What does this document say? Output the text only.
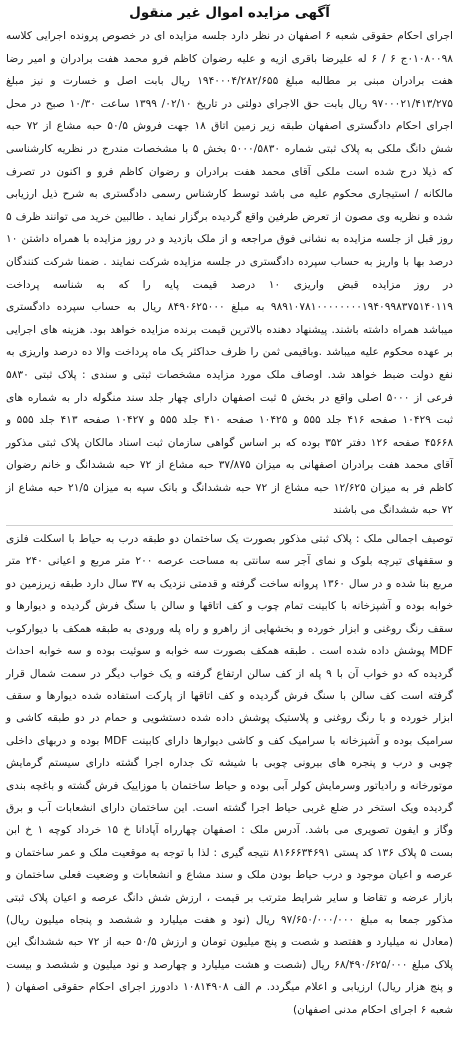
آگهی مزایده اموال غیر منقول

اجرای احکام حقوقی شعبه ۶ اصفهان در نظر دارد جلسه مزایده ای در خصوص پرونده اجرایی کلاسه ۰۱۰۸۰۰۹۸ج ۶ / ۶ له علیرضا باقری ازیه و علیه رضوان کاظم فرو محمد هفت برادران و امیر رضا هفت برادران مبنی بر مطالبه مبلغ ۱۹۴۰۰۰۴/۲۸۲/۶۵۵ ریال بابت اصل و خسارت و نیز مبلغ ۹۷۰۰۰۲۱/۴۱۳/۲۷۵ ریال بابت حق الاجرای دولتی در تاریخ ۰۲/۱۰/ ۱۳۹۹ ساعت ۱۰/۳۰ صبح در محل اجرای احکام دادگستری اصفهان طبقه زیر زمین اتاق ۱۸ جهت فروش ۵۰/۵ حبه مشاع از ۷۲ حبه شش دانگ ملکی به پلاک ثبتی شماره ۵۰۰۰/۵۸۳۰ بخش ۵ با مشخصات مندرج در نظریه کارشناسی که ذیلا درج شده است ملکی آقای محمد هفت برادران و رضوان کاظم فرو و اکنون در تصرف مالکانه / استیجاری محکوم علیه می باشد توسط کارشناس رسمی دادگستری به شرح ذیل ارزیابی شده و نظریه وی مصون از تعرض طرفین واقع گردیده برگزار نماید . طالبین خرید می توانند ظرف ۵ روز قبل از جلسه مزایده به نشانی فوق مراجعه و از ملک بازدید و در روز مزایده با همراه داشتن ۱۰ درصد بها با واریز به حساب سپرده دادگستری در جلسه مزایده شرکت نمایند . ضمنا شرکت کنندگان در روز مزایده قبض واریزی ۱۰ درصد قیمت پایه را که به شناسه پرداخت ۹۸۹۱۰۷۸۱۰۰۰۰۰۰۰۰۱۹۴۰۹۹۸۳۷۵۱۴۰۱۱۹ به مبلغ ۸۴۹۰۶۲۵۰۰۰ ریال به حساب سپرده دادگستری میباشد همراه داشته باشند. پیشنهاد دهنده بالاترین قیمت برنده مزایده خواهد بود. هزینه های اجرایی بر عهده محکوم علیه میباشد .وباقیمی ثمن را ظرف حداکثر یک ماه پرداخت والا ده درصد واریزی به نفع دولت ضبط خواهد شد. اوصاف ملک مورد مزایده مشخصات ثبتی و سندی : پلاک ثبتی ۵۸۳۰ فرعی از ۵۰۰۰ اصلی واقع در بخش ۵ ثبت اصفهان دارای چهار جلد سند منگوله دار به شماره های ثبت ۱۰۴۲۹ صفحه ۴۱۶ جلد ۵۵۵ و ۱۰۴۲۵ صفحه ۴۱۰ جلد ۵۵۵ و ۱۰۴۲۷ صفحه ۴۱۳ جلد ۵۵۵ و ۴۵۶۶۸ صفحه ۱۲۶ دفتر ۳۵۲ بوده که بر اساس گواهی سازمان ثبت اسناد مالکان پلاک ثبتی مذکور آقای محمد هفت برادران اصفهانی به میزان ۳۷/۸۷۵ حبه مشاع از ۷۲ حبه ششدانگ و خانم رضوان کاظم فر به میزان ۱۲/۶۲۵ حبه مشاع از ۷۲ حبه ششدانگ و بانک سپه به میزان ۲۱/۵ حبه مشاع از ۷۲ حبه ششدانگ می باشند

توصیف اجمالی ملک : پلاک ثبتی مذکور بصورت یک ساختمان دو طبقه درب به حیاط با اسکلت فلزی و سقفهای تیرچه بلوک و نمای آجر سه سانتی به مساحت عرصه ۲۰۰ متر مربع و اعیانی ۲۴۰ متر مربع بنا شده و در سال ۱۳۶۰ پروانه ساخت گرفته و قدمتی نزدیک به ۳۷ سال دارد طبقه زیرزمین دو خوابه بوده و آشپزخانه با کابینت تمام چوب و کف اتاقها و سالن با سنگ فرش گردیده و دیوارها و سقف رنگ روغنی و ابزار خورده و بخشهایی از راهرو و راه پله ورودی به طبقه همکف با دیوارکوب MDF پوشش داده شده است . طبقه همکف بصورت سه خوابه و سوئیت بوده و سه خوابه احداث گردیده که دو خواب آن با ۹ پله از کف سالن ارتفاع گرفته و یک خواب دیگر در سمت شمال قرار گرفته است کف سالن با سنگ فرش گردیده و کف اتاقها از پارکت استفاده شده دیوارها و سقف ابزار خورده و با رنگ روغنی و پلاستیک پوشش داده شده دستشویی و حمام در دو طبقه کاشی و سرامیک بوده و آشپزخانه با سرامیک کف و کاشی دیوارها دارای کابینت MDF بوده و دربهای داخلی چوبی و درب و پنجره های بیرونی چوبی با شیشه تک جداره اجرا گشته دارای سیستم گرمایش موتورخانه و رادیاتور وسرمایش کولر آبی بوده و حیاط ساختمان با موزاییک فرش گشته و باغچه بندی گردیده ویک استخر در ضلع غربی حیاط اجرا گشته است. این ساختمان دارای انشعابات آب و برق وگاز و ایفون تصویری می باشد. آدرس ملک : اصفهان چهارراه آپادانا خ ۱۵ خرداد کوچه ۱ خ ابن بست ۵ پلاک ۱۳۶ کد پستی ۸۱۶۶۶۳۴۶۹۱ نتیجه گیری : لذا با توجه به موقعیت ملک و عمر ساختمان و عرصه و اعیان موجود و درب حیاط بودن ملک و سند مشاع و انشعابات و وضعیت فعلی ساختمان و بازار عرضه و تقاضا و سایر شرایط مترتب بر قیمت ، ارزش شش دانگ عرصه و اعیان پلاک ثبتی مذکور جمعا به مبلغ ۹۷/۶۵۰/۰۰۰/۰۰۰ ریال (نود و هفت میلیارد و ششصد و پنجاه میلیون ریال) (معادل نه میلیارد و هفتصد و شصت و پنج میلیون تومان و ارزش ۵۰/۵ حبه از ۷۲ حبه ششدانگ این پلاک مبلغ ۶۸/۴۹۰/۶۲۵/۰۰۰ ریال (شصت و هشت میلیارد و چهارصد و نود میلیون و ششصد و بیست و پنج هزار ریال) ارزیابی و اعلام میگردد. م الف ۱۰۸۱۴۹۰۸ دادورز اجرای احکام حقوقی اصفهان ( شعبه ۶ اجرای احکام مدنی اصفهان)
